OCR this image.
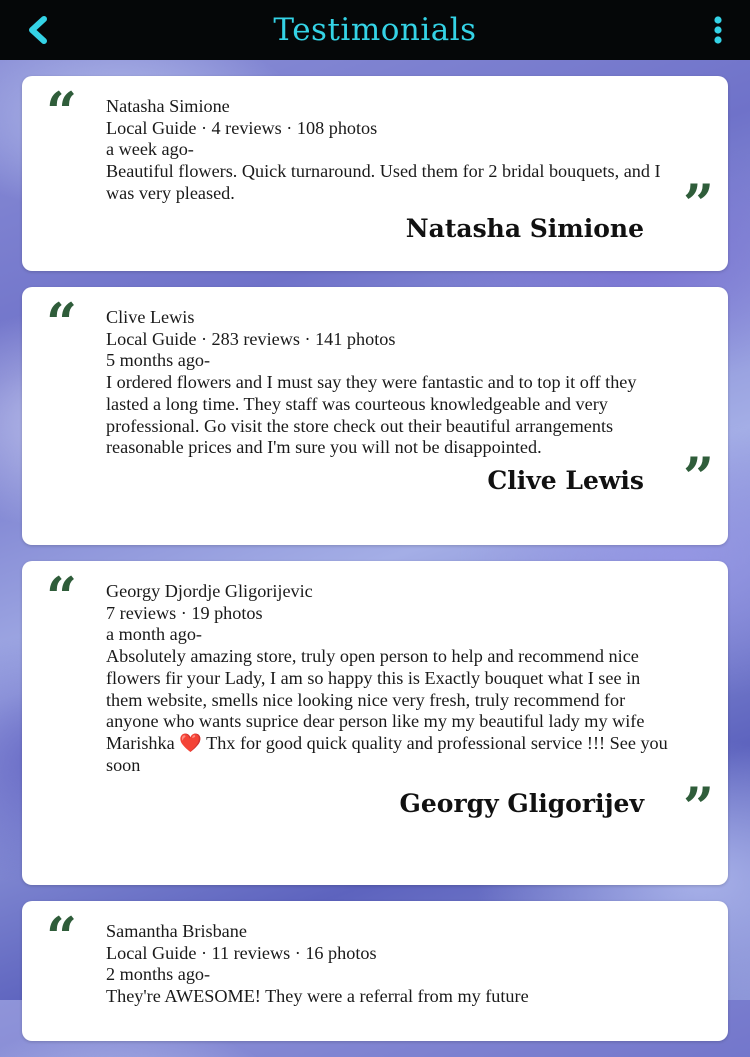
Testimonials
“ Natasha Simione
Local Guide · 4 reviews · 108 photos
a week ago-
Beautiful flowers. Quick turnaround. Used them for 2 bridal bouquets, and I was very pleased.	”
Natasha Simione
“ Clive Lewis
Local Guide · 283 reviews · 141 photos
5 months ago-
I ordered flowers and I must say they were fantastic and to top it off they lasted a long time. They staff was courteous knowledgeable and very professional. Go visit the store check out their beautiful arrangements reasonable prices and I'm sure you will not be disappointed.	”
Clive Lewis
“ Georgy Djordje Gligorijevic
7 reviews · 19 photos
a month ago-
Absolutely amazing store, truly open person to help and recommend nice flowers fir your Lady, I am so happy this is Exactly bouquet what I see in them website, smells nice looking nice very fresh, truly recommend for anyone who wants suprice dear person like my my beautiful lady my wife Marishka ❤️ Thx for good quick quality and professional service !!! See you soon
”
Georgy Gligorijev
“ Samantha Brisbane
Local Guide · 11 reviews · 16 photos
2 months ago-
They're AWESOME! They were a referral from my future
